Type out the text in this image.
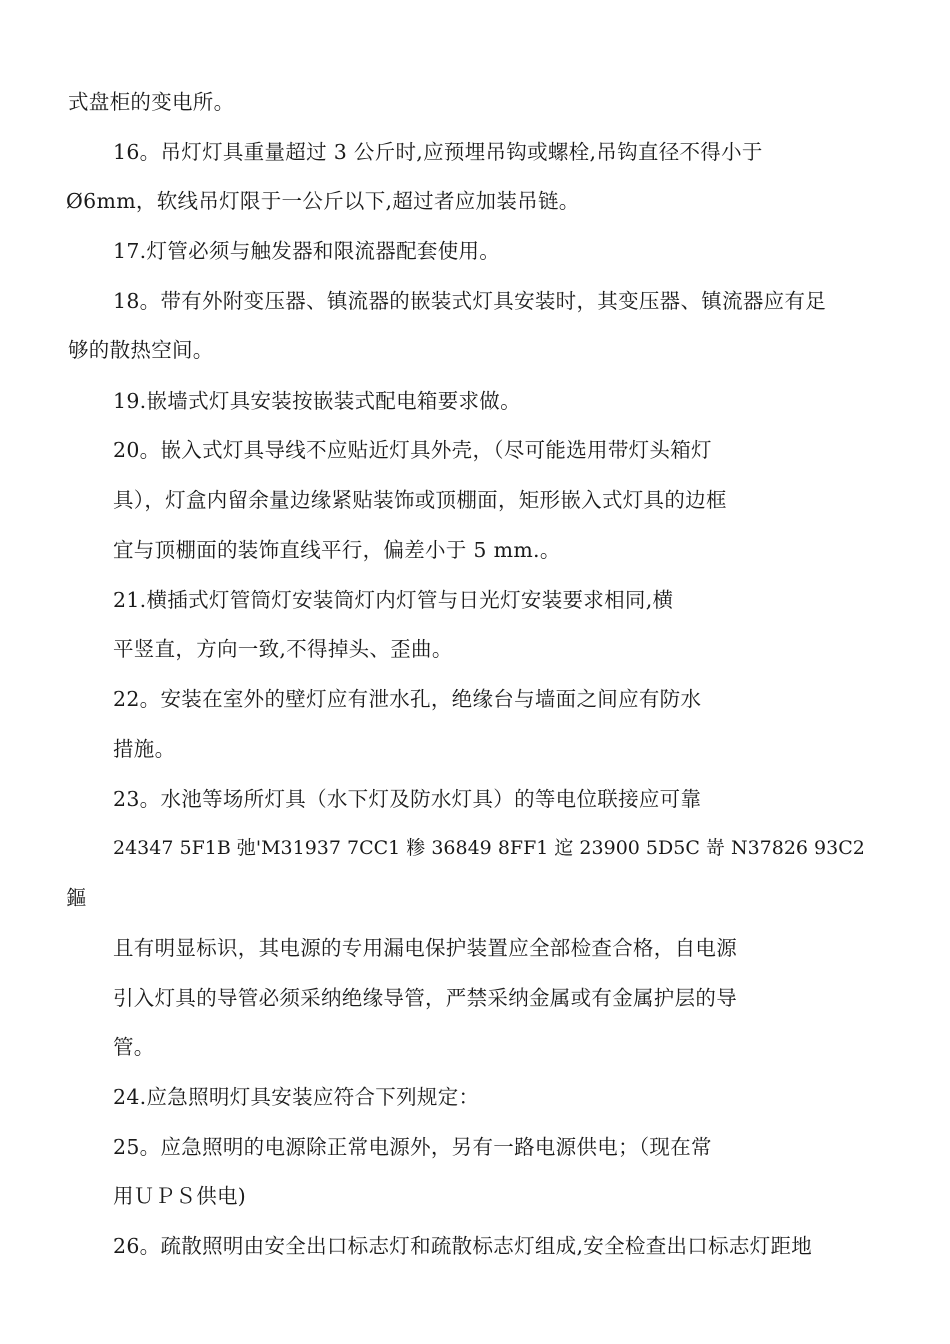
式盘柜的变电所。
16。吊灯灯具重量超过 3 公斤时,应预埋吊钩或螺栓,吊钩直径不得小于
Ø6mm，软线吊灯限于一公斤以下,超过者应加装吊链。
17.灯管必须与触发器和限流器配套使用。
18。带有外附变压器、镇流器的嵌装式灯具安装时，其变压器、镇流器应有足
够的散热空间。
19.嵌墙式灯具安装按嵌装式配电箱要求做。
20。嵌入式灯具导线不应贴近灯具外壳，（尽可能选用带灯头箱灯
具），灯盒内留余量边缘紧贴装饰或顶棚面，矩形嵌入式灯具的边框
宜与顶棚面的装饰直线平行，偏差小于 5 mm.。
21.横插式灯管筒灯安装筒灯内灯管与日光灯安装要求相同,横
平竖直，方向一致,不得掉头、歪曲。
22。安装在室外的壁灯应有泄水孔，绝缘台与墙面之间应有防水
措施。
23。水池等场所灯具（水下灯及防水灯具）的等电位联接应可靠
24347 5F1B 弛'M31937 7CC1 糁 36849 8FF1 迱 23900 5D5C 嵜 N37826 93C2
鏂
且有明显标识，其电源的专用漏电保护装置应全部检查合格，自电源
引入灯具的导管必须采纳绝缘导管，严禁采纳金属或有金属护层的导
管。
24.应急照明灯具安装应符合下列规定：
25。应急照明的电源除正常电源外，另有一路电源供电；（现在常
用ＵＰＳ供电)
26。疏散照明由安全出口标志灯和疏散标志灯组成,安全检查出口标志灯距地
